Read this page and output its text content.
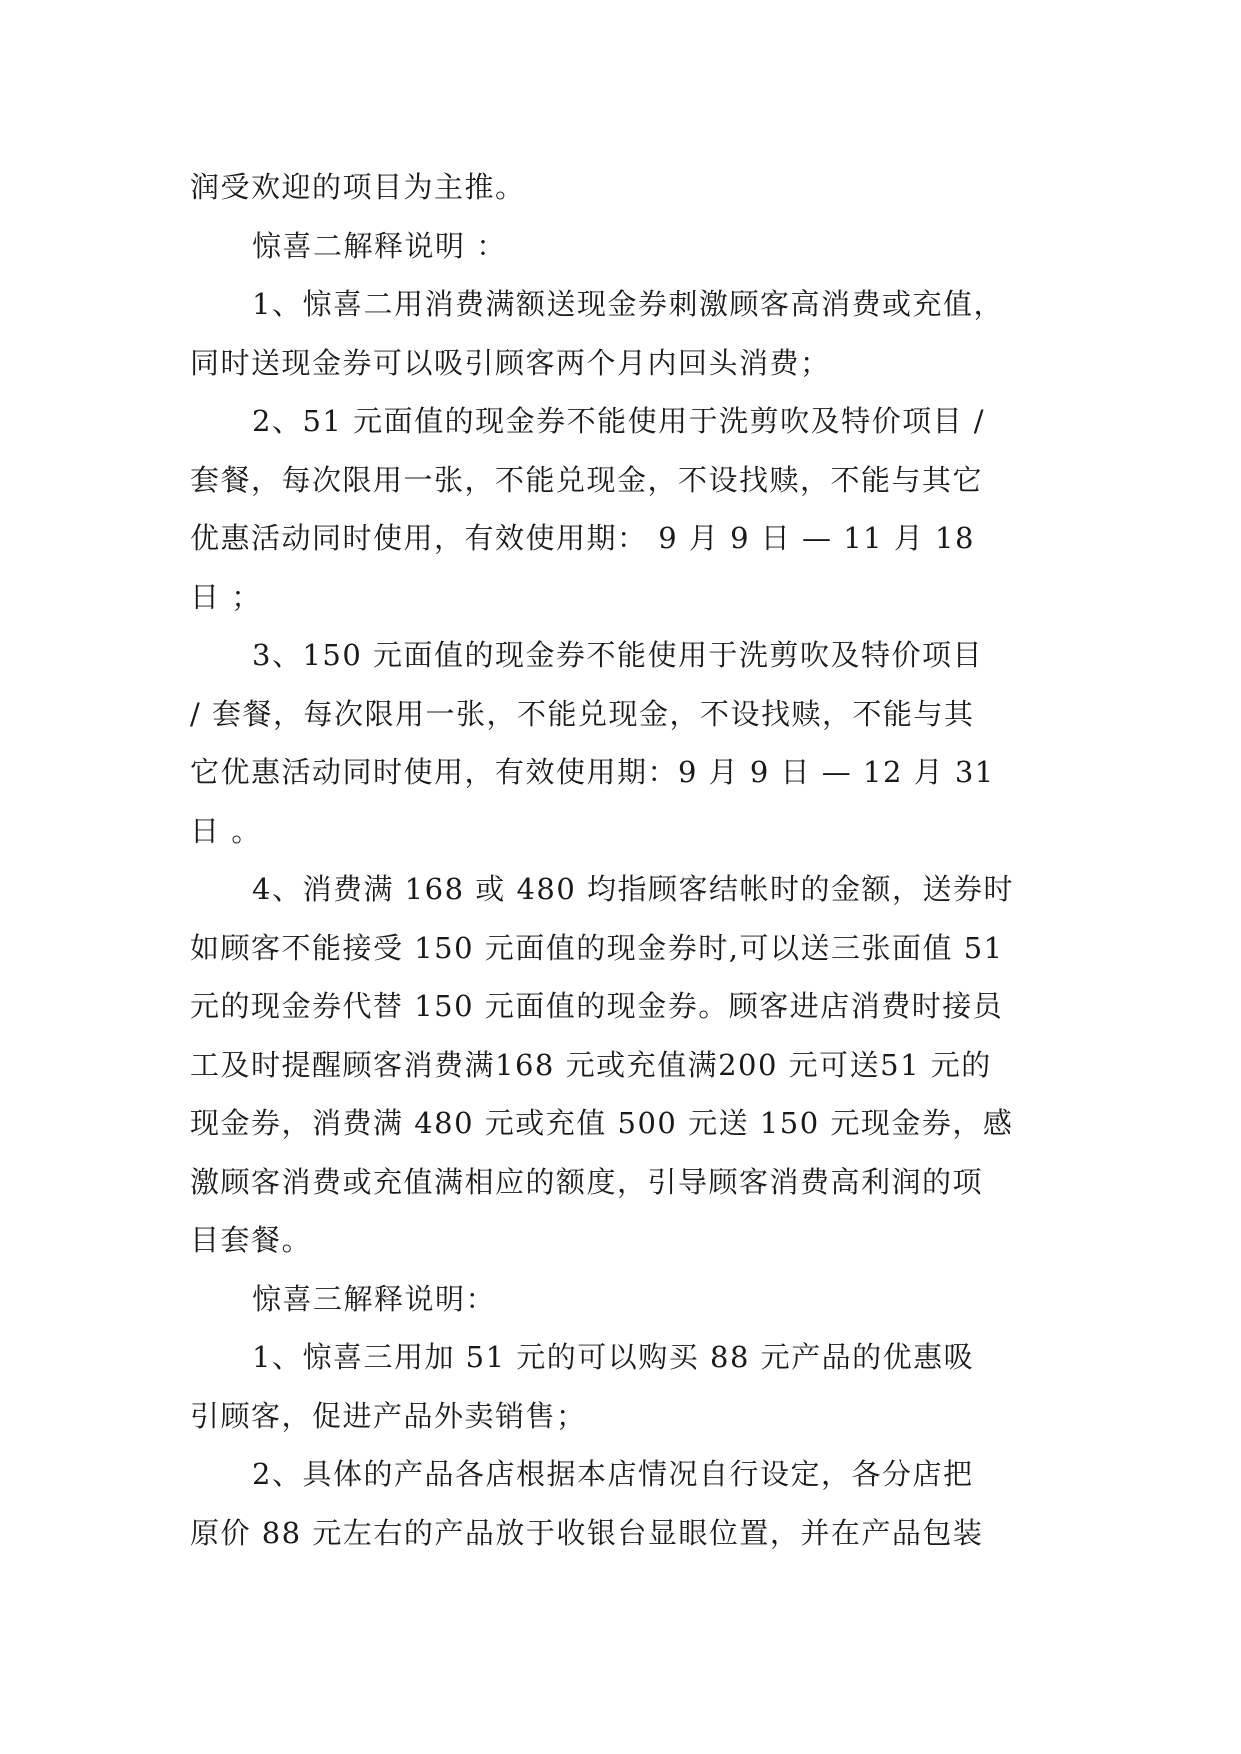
润受欢迎的项目为主推。
惊喜二解释说明 ：
1、惊喜二用消费满额送现金券刺激顾客高消费或充值，
同时送现金券可以吸引顾客两个月内回头消费；
2、51 元面值的现金券不能使用于洗剪吹及特价项目 /
套餐，每次限用一张，不能兑现金，不设找赎，不能与其它
优惠活动同时使用，有效使用期： 9 月 9 日 — 11 月 18
日 ；
3、150 元面值的现金券不能使用于洗剪吹及特价项目
/ 套餐，每次限用一张，不能兑现金，不设找赎，不能与其
它优惠活动同时使用，有效使用期：9 月 9 日 — 12 月 31
日 。
4、消费满 168 或 480 均指顾客结帐时的金额，送券时
如顾客不能接受 150 元面值的现金券时,可以送三张面值 51
元的现金券代替 150 元面值的现金券。顾客进店消费时接员
工及时提醒顾客消费满168 元或充值满200 元可送51 元的
现金券，消费满 480 元或充值 500 元送 150 元现金券，感
激顾客消费或充值满相应的额度，引导顾客消费高利润的项
目套餐。
惊喜三解释说明：
1、惊喜三用加 51 元的可以购买 88 元产品的优惠吸
引顾客，促进产品外卖销售；
2、具体的产品各店根据本店情况自行设定，各分店把
原价 88 元左右的产品放于收银台显眼位置，并在产品包装
